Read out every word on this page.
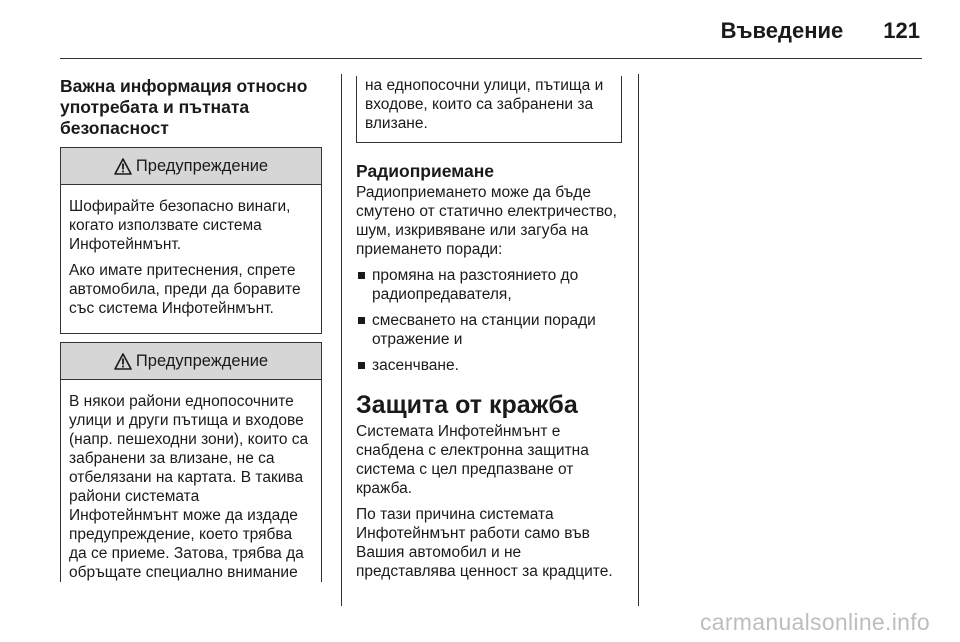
Въведение 121
Важна информация относно употребата и пътната безопасност
Предупреждение

Шофирайте безопасно винаги, когато използвате система Инфотейнмънт.

Ако имате притеснения, спрете автомобила, преди да боравите със система Инфотейнмънт.

Предупреждение

В някои райони еднопосочните улици и други пътища и входове (напр. пешеходни зони), които са забранени за влизане, не са отбелязани на картата. В такива райони системата Инфотейнмънт може да издаде предупреждение, което трябва да се приеме. Затова, трябва да обръщате специално внимание

на еднопосочни улици, пътища и входове, които са забранени за влизане.
Радиоприемане

Радиоприемането може да бъде смутено от статично електричество, шум, изкривяване или загуба на приемането поради:

промяна на разстоянието до радиопредавателя,
смесването на станции поради отражение и
засенчване.
Защита от кражба

Системата Инфотейнмънт е снабдена с електронна защитна система с цел предпазване от кражба.

По тази причина системата Инфотейнмънт работи само във Вашия автомобил и не представлява ценност за крадците.

carmanualsonline.info
